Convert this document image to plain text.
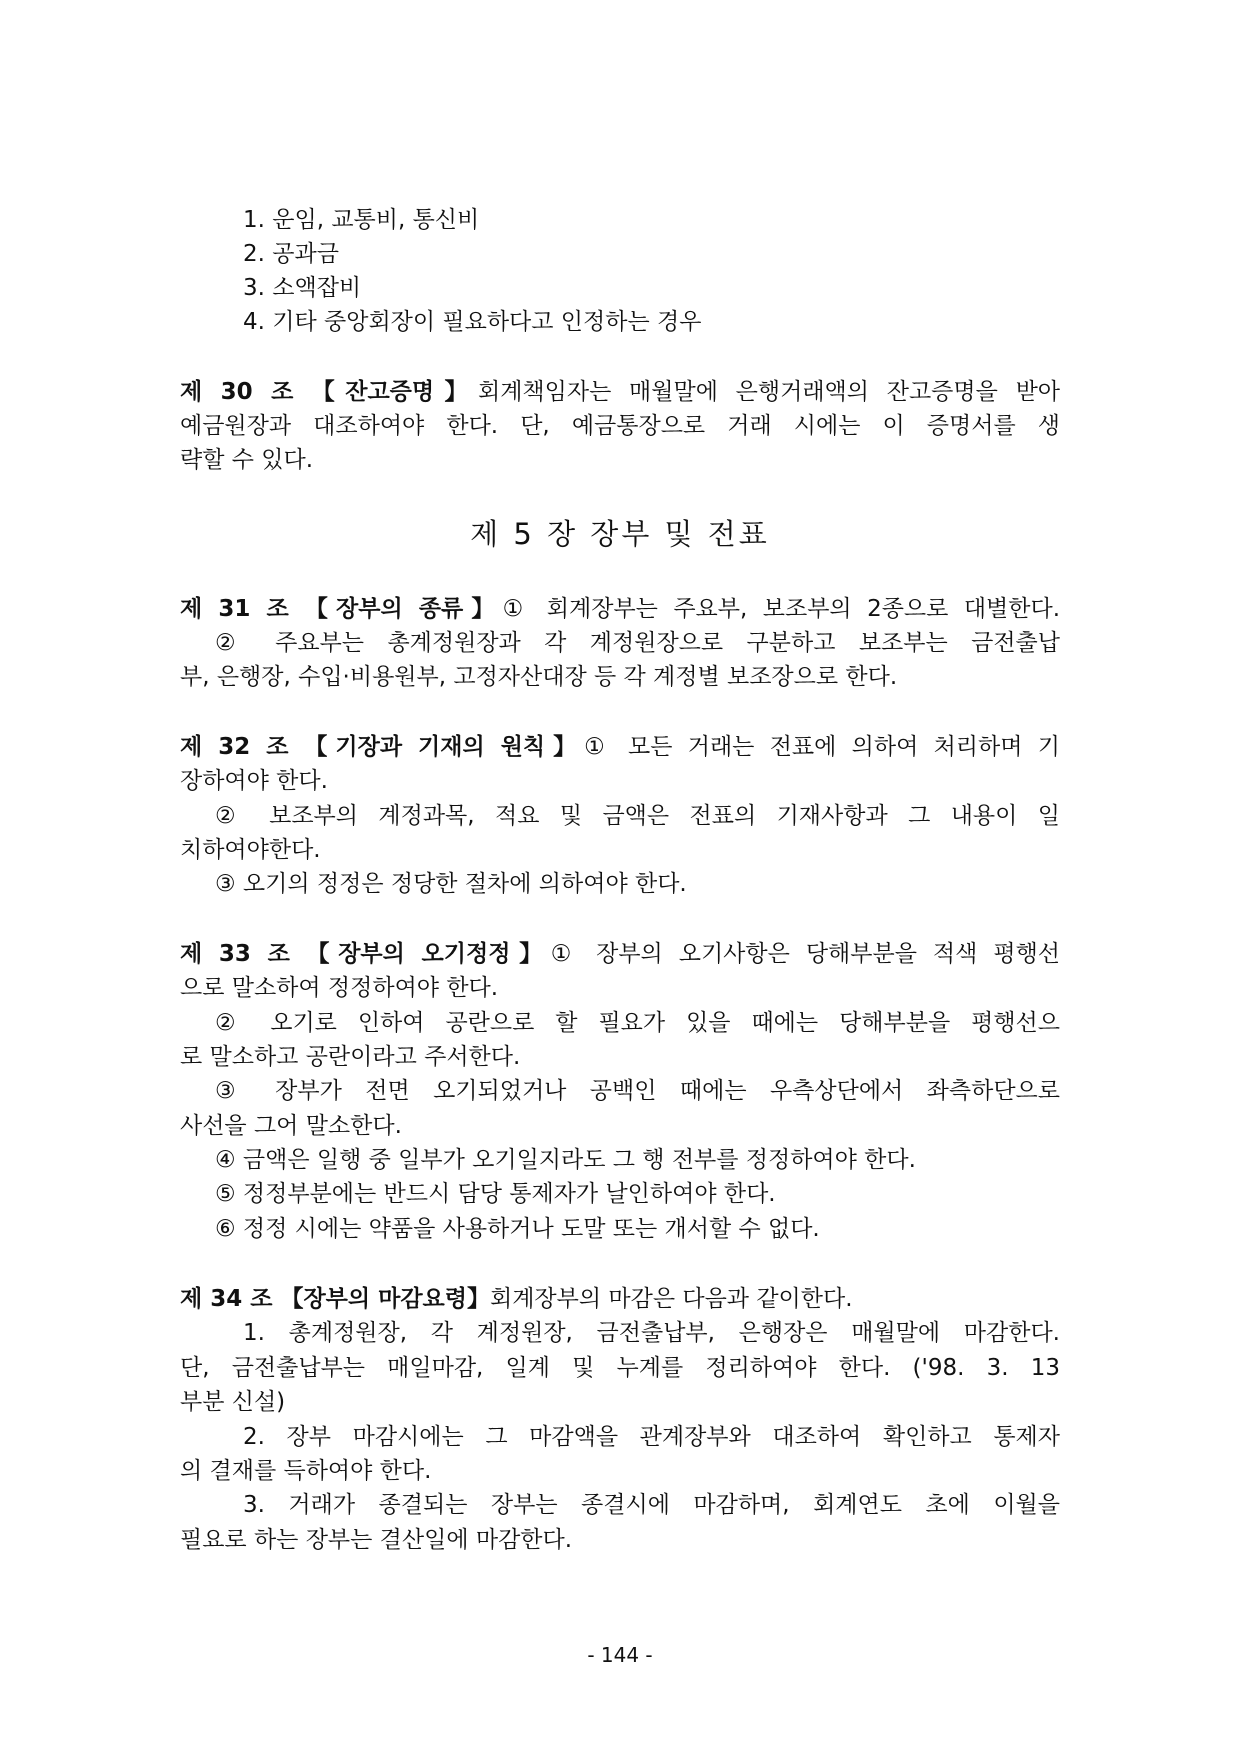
1. 운임, 교통비, 통신비
2. 공과금
3. 소액잡비
4. 기타 중앙회장이 필요하다고 인정하는 경우
제 30 조 【잔고증명】회계책임자는 매월말에 은행거래액의 잔고증명을 받아
예금원장과 대조하여야 한다. 단, 예금통장으로 거래 시에는 이 증명서를 생
략할 수 있다.
제 5 장 장부 및 전표
제 31 조 【장부의 종류】① 회계장부는 주요부, 보조부의 2종으로 대별한다.
② 주요부는 총계정원장과 각 계정원장으로 구분하고 보조부는 금전출납
부, 은행장, 수입·비용원부, 고정자산대장 등 각 계정별 보조장으로 한다.
제 32 조 【기장과 기재의 원칙】① 모든 거래는 전표에 의하여 처리하며 기
장하여야 한다.
② 보조부의 계정과목, 적요 및 금액은 전표의 기재사항과 그 내용이 일
치하여야한다.
③ 오기의 정정은 정당한 절차에 의하여야 한다.
제 33 조 【장부의 오기정정】① 장부의 오기사항은 당해부분을 적색 평행선
으로 말소하여 정정하여야 한다.
② 오기로 인하여 공란으로 할 필요가 있을 때에는 당해부분을 평행선으
로 말소하고 공란이라고 주서한다.
③ 장부가 전면 오기되었거나 공백인 때에는 우측상단에서 좌측하단으로
사선을 그어 말소한다.
④ 금액은 일행 중 일부가 오기일지라도 그 행 전부를 정정하여야 한다.
⑤ 정정부분에는 반드시 담당 통제자가 날인하여야 한다.
⑥ 정정 시에는 약품을 사용하거나 도말 또는 개서할 수 없다.
제 34 조 【장부의 마감요령】회계장부의 마감은 다음과 같이한다.
1. 총계정원장, 각 계정원장, 금전출납부, 은행장은 매월말에 마감한다.
단, 금전출납부는 매일마감, 일계 및 누계를 정리하여야 한다. ('98. 3. 13
부분 신설)
2. 장부 마감시에는 그 마감액을 관계장부와 대조하여 확인하고 통제자
의 결재를 득하여야 한다.
3. 거래가 종결되는 장부는 종결시에 마감하며, 회계연도 초에 이월을
필요로 하는 장부는 결산일에 마감한다.
- 144 -
